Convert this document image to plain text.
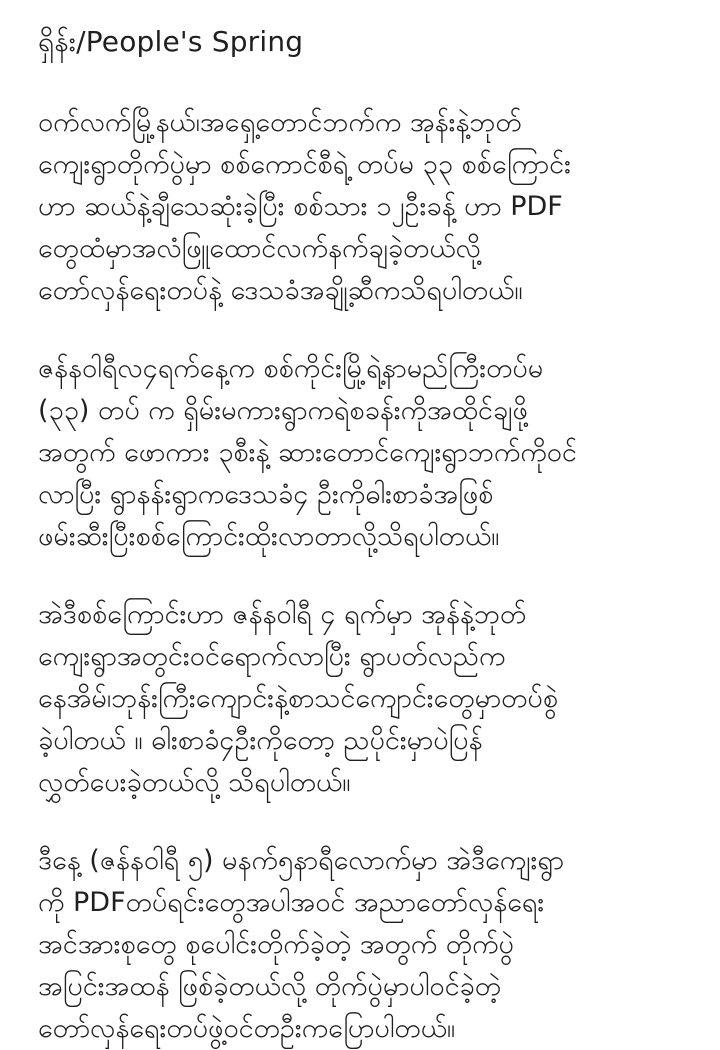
ရှိန်း/People's Spring
ဝက်လက်မြို့နယ်၊အရှေ့တောင်ဘက်က အုန်းနဲ့ဘုတ်
ကျေးရွာတိုက်ပွဲမှာ စစ်ကောင်စီရဲ့ တပ်မ ၃၃ စစ်ကြောင်း
ဟာ ဆယ်နဲ့ချီသေဆုံးခဲ့ပြီး စစ်သား ၁၂ဦးခန့် ဟာ PDF
တွေထံမှာအလံဖြူထောင်လက်နက်ချခဲ့တယ်လို့
တော်လှန်ရေးတပ်နဲ့ ဒေသခံအချို့ဆီကသိရပါတယ်။
ဇန်နဝါရီလ၄ရက်နေ့က စစ်ကိုင်းမြို့ရဲ့နာမည်ကြီးတပ်မ
(၃၃) တပ် က ရှိမ်းမကားရွာကရဲစခန်းကိုအထိုင်ချဖို့
အတွက် ဖောကား ၃စီးနဲ့ ဆားတောင်ကျေးရွာဘက်ကိုဝင်
လာပြီး ရွာနန်းရွာကဒေသခံ၄ ဦးကိုဓါးစာခံအဖြစ်
ဖမ်းဆီးပြီးစစ်ကြောင်းထိုးလာတာလို့သိရပါတယ်။
အဲဒီစစ်ကြောင်းဟာ ဇန်နဝါရီ ၄ ရက်မှာ အုန်နဲ့ဘုတ်
ကျေးရွာအတွင်းဝင်ရောက်လာပြီး ရွာပတ်လည်က
နေအိမ်၊ဘုန်းကြီးကျောင်းနဲ့စာသင်ကျောင်းတွေမှာတပ်စွဲ
ခဲ့ပါတယ် ။ ဓါးစာခံ၄ဦးကိုတော့ ညပိုင်းမှာပဲပြန်
လွှတ်ပေးခဲ့တယ်လို့ သိရပါတယ်။
ဒီနေ့ (ဇန်နဝါရီ ၅) မနက်၅နာရီလောက်မှာ အဲဒီကျေးရွာ
ကို PDFတပ်ရင်းတွေအပါအဝင် အညာတော်လှန်ရေး
အင်အားစုတွေ စုပေါင်းတိုက်ခဲ့တဲ့ အတွက် တိုက်ပွဲ
အပြင်းအထန် ဖြစ်ခဲ့တယ်လို့ တိုက်ပွဲမှာပါဝင်ခဲ့တဲ့
တော်လှန်ရေးတပ်ဖွဲ့ဝင်တဦးကပြောပါတယ်။
